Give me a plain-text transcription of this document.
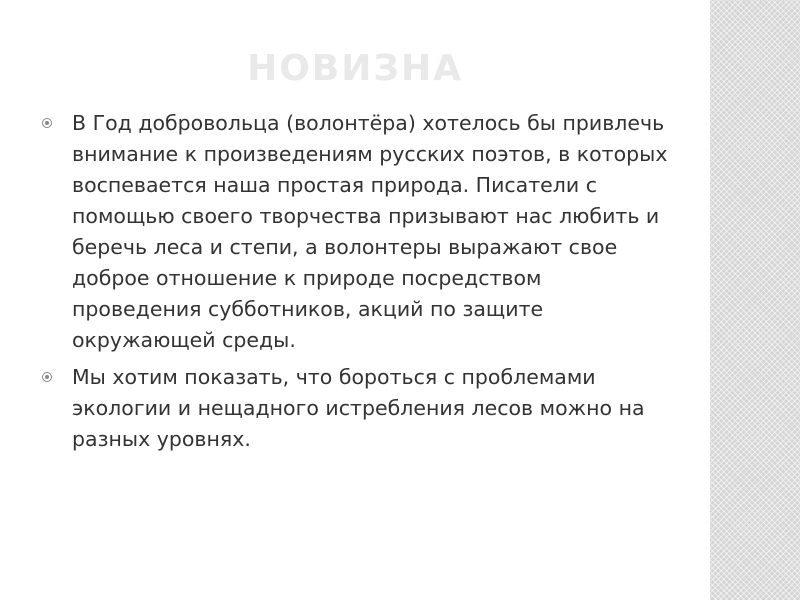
НОВИЗНА
В Год добровольца (волонтёра) хотелось бы привлечь внимание к произведениям русских поэтов, в которых воспевается наша простая природа. Писатели с помощью своего творчества призывают нас любить и беречь леса и степи, а волонтеры выражают свое доброе отношение к природе посредством проведения субботников, акций по защите окружающей среды.
Мы хотим показать, что бороться с проблемами экологии и нещадного истребления лесов можно на разных уровнях.
